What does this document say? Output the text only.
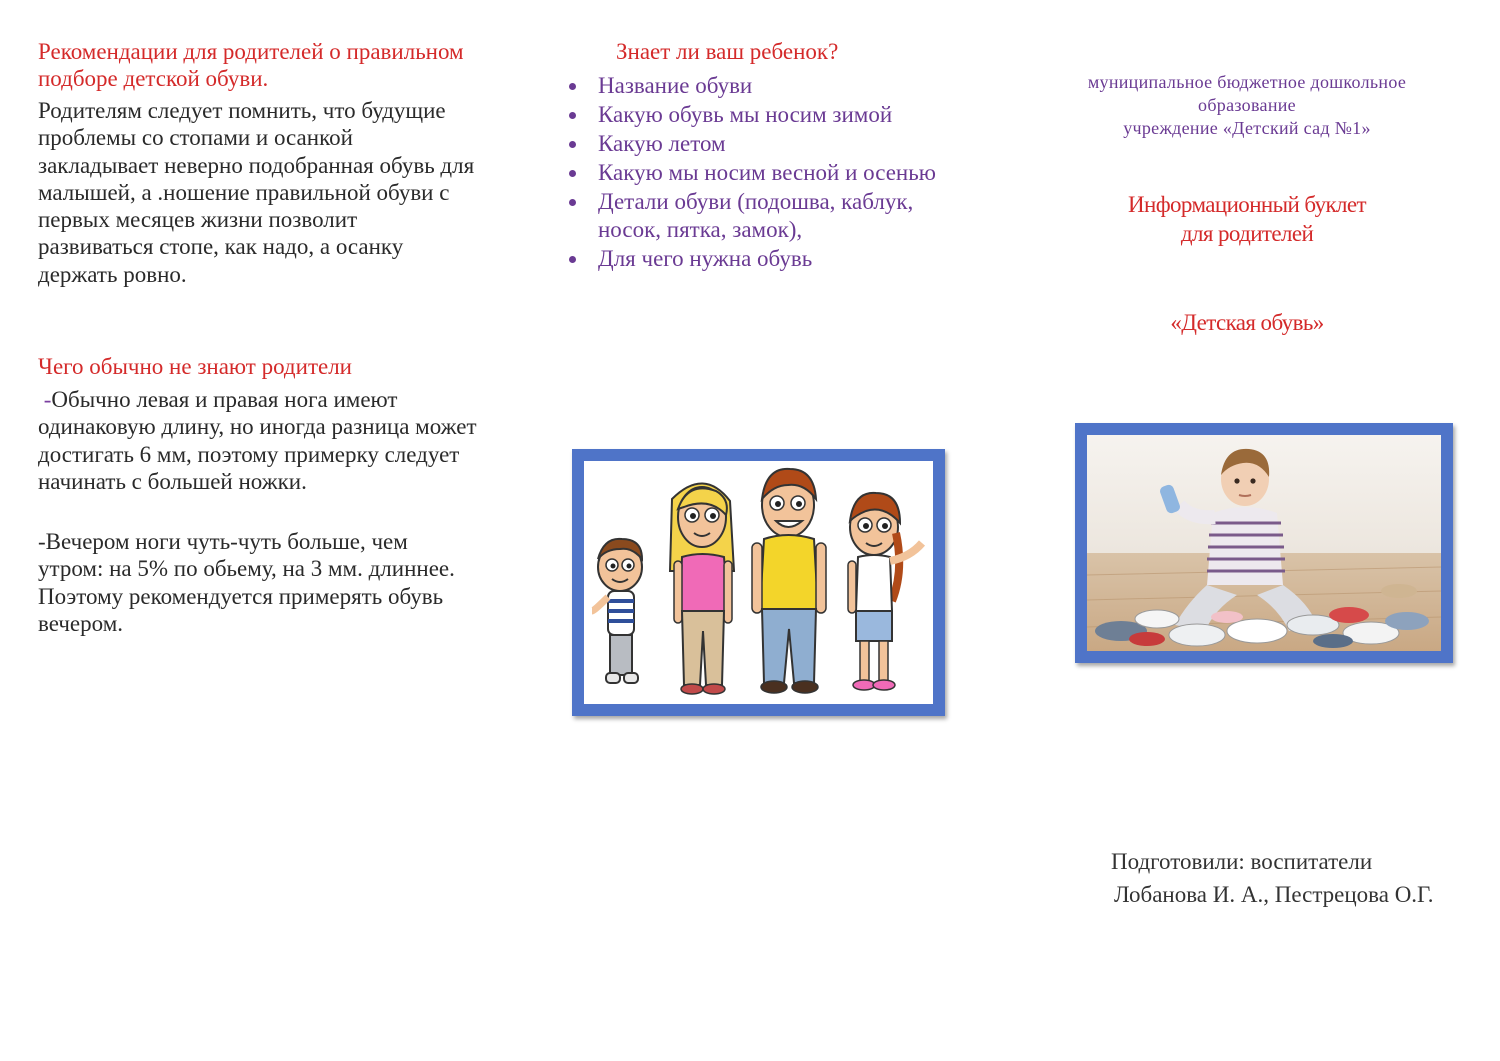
Рекомендации для родителей о правильном подборе детской обуви.

Родителям следует помнить, что будущие проблемы со стопами и осанкой закладывает неверно подобранная обувь для малышей, а .ношение правильной обуви с первых месяцев жизни позволит развиваться стопе, как надо, а осанку держать ровно.

Чего обычно не знают родители

-Обычно левая и правая нога имеют одинаковую длину, но иногда разница может достигать 6 мм, поэтому примерку следует начинать с большей ножки.

-Вечером ноги чуть-чуть больше, чем утром: на 5% по обьему, на 3 мм. длиннее. Поэтому рекомендуется примерять обувь вечером.

Знает ли ваш ребенок?
Название обуви
Какую обувь мы носим зимой
Какую летом
Какую мы носим весной и осенью
Детали обуви (подошва, каблук, носок, пятка, замок),
Для чего нужна обувь
муниципальное бюджетное дошкольное образование
учреждение «Детский сад №1»
Информационный буклет
для родителей
«Детская обувь»
Подготовили: воспитатели
Лобанова И. А., Пестрецова О.Г.
